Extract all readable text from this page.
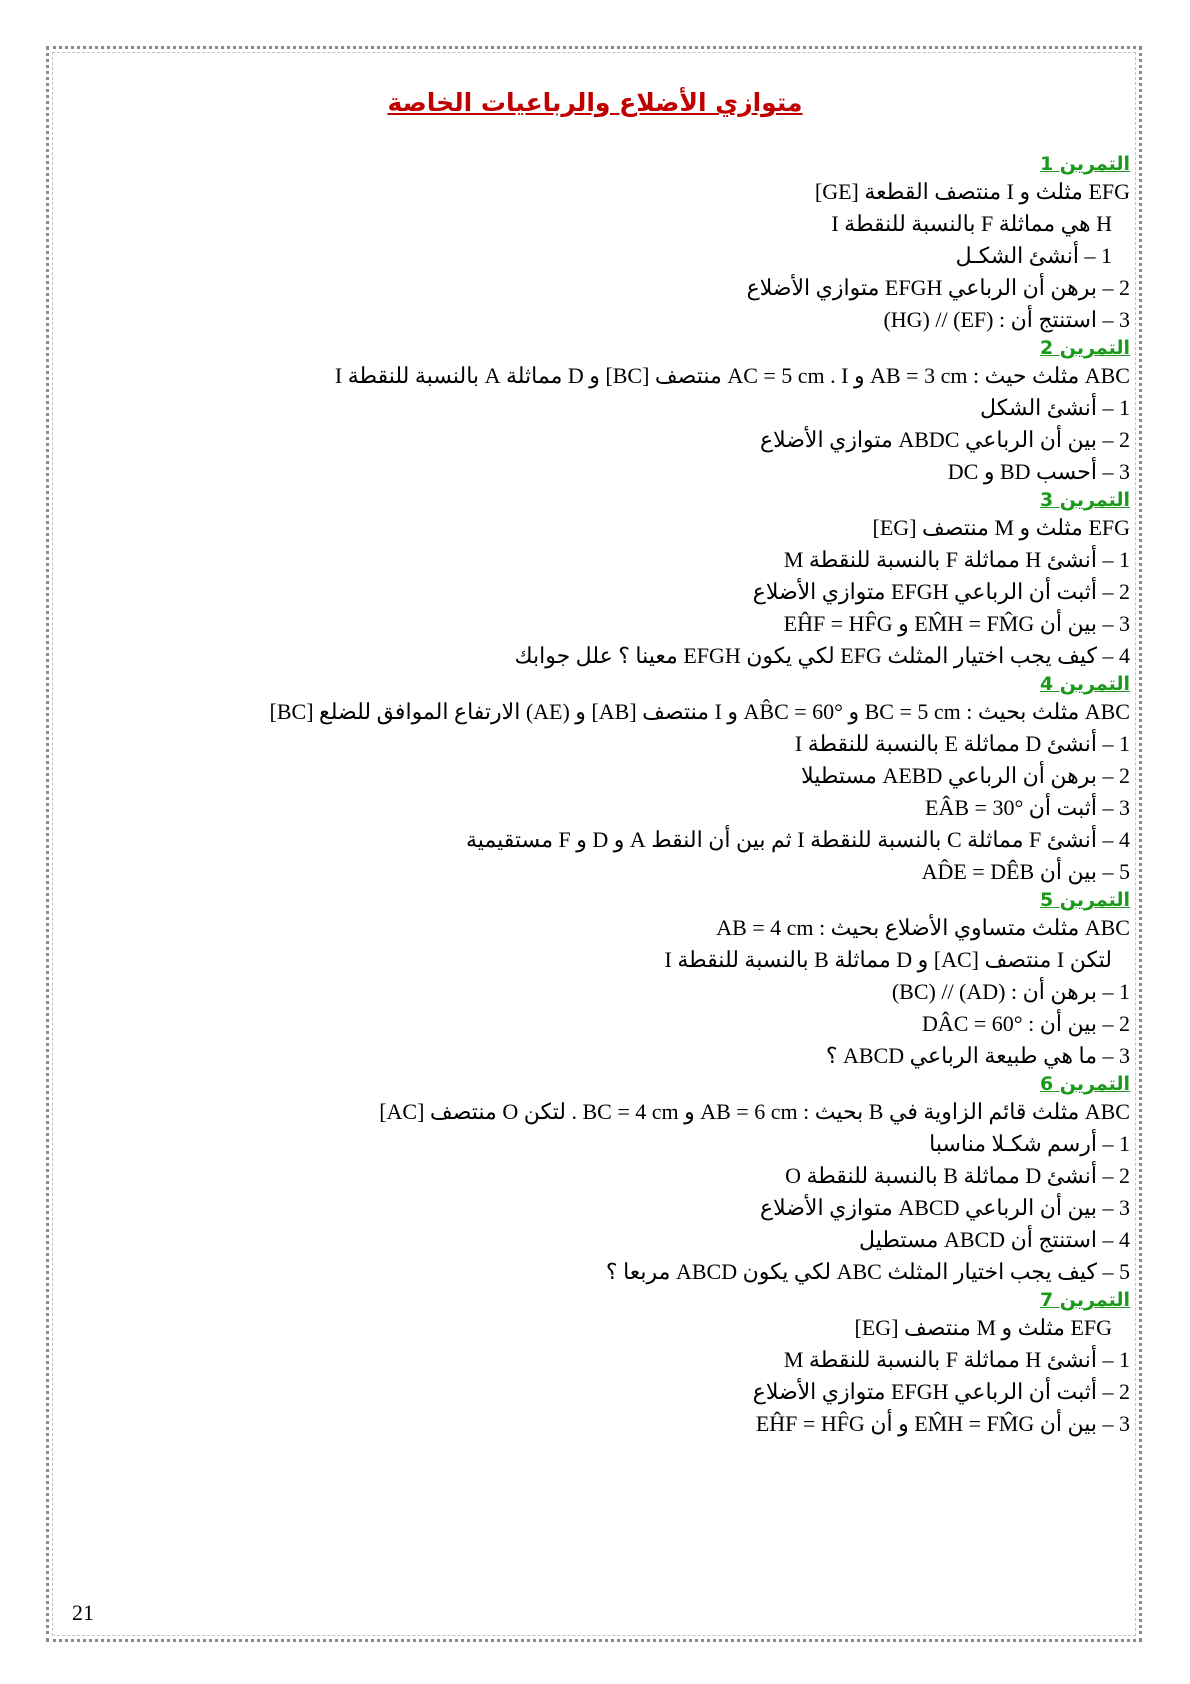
متوازي الأضلاع والرباعيات الخاصة
التمرين 1
EFG مثلث و I منتصف القطعة [GE]
H هي مماثلة F بالنسبة للنقطة I
1 – أنشئ الشكـل
2 – برهن أن الرباعي EFGH متوازي الأضلاع
3 – استنتج أن : (EF) // (HG)
التمرين 2
ABC مثلث حيث : AB = 3 cm و AC = 5 cm . I منتصف [BC] و D مماثلة A بالنسبة للنقطة I
1 – أنشئ الشكل
2 – بين أن الرباعي ABDC متوازي الأضلاع
3 – أحسب BD و DC
التمرين 3
EFG مثلث و M منتصف [EG]
1 – أنشئ H مماثلة F بالنسبة للنقطة M
2 – أثبت أن الرباعي EFGH متوازي الأضلاع
3 – بين أن EM̂H = FM̂G و EĤF = HF̂G
4 – كيف يجب اختيار المثلث EFG لكي يكون EFGH معينا ؟ علل جوابك
التمرين 4
ABC مثلث بحيث : BC = 5 cm و AB̂C = 60° و I منتصف [AB] و (AE) الارتفاع الموافق للضلع [BC]
1 – أنشئ D مماثلة E بالنسبة للنقطة I
2 – برهن أن الرباعي AEBD مستطيلا
3 – أثبت أن EÂB = 30°
4 – أنشئ F مماثلة C بالنسبة للنقطة I ثم بين أن النقط A و D و F مستقيمية
5 – بين أن AD̂E = DÊB
التمرين 5
ABC مثلث متساوي الأضلاع بحيث : AB = 4 cm
لتكن I منتصف [AC] و D مماثلة B بالنسبة للنقطة I
1 – برهن أن : (AD) // (BC)
2 – بين أن : DÂC = 60°
3 – ما هي طبيعة الرباعي ABCD ؟
التمرين 6
ABC مثلث قائم الزاوية في B بحيث : AB = 6 cm و BC = 4 cm . لتكن O منتصف [AC]
1 – أرسم شكـلا مناسبا
2 – أنشئ D مماثلة B بالنسبة للنقطة O
3 – بين أن الرباعي ABCD متوازي الأضلاع
4 – استنتج أن ABCD مستطيل
5 – كيف يجب اختيار المثلث ABC لكي يكون ABCD مربعا ؟
التمرين 7
EFG مثلث و M منتصف [EG]
1 – أنشئ H مماثلة F بالنسبة للنقطة M
2 – أثبت أن الرباعي EFGH متوازي الأضلاع
3 – بين أن EM̂H = FM̂G و أن EĤF = HF̂G
21
